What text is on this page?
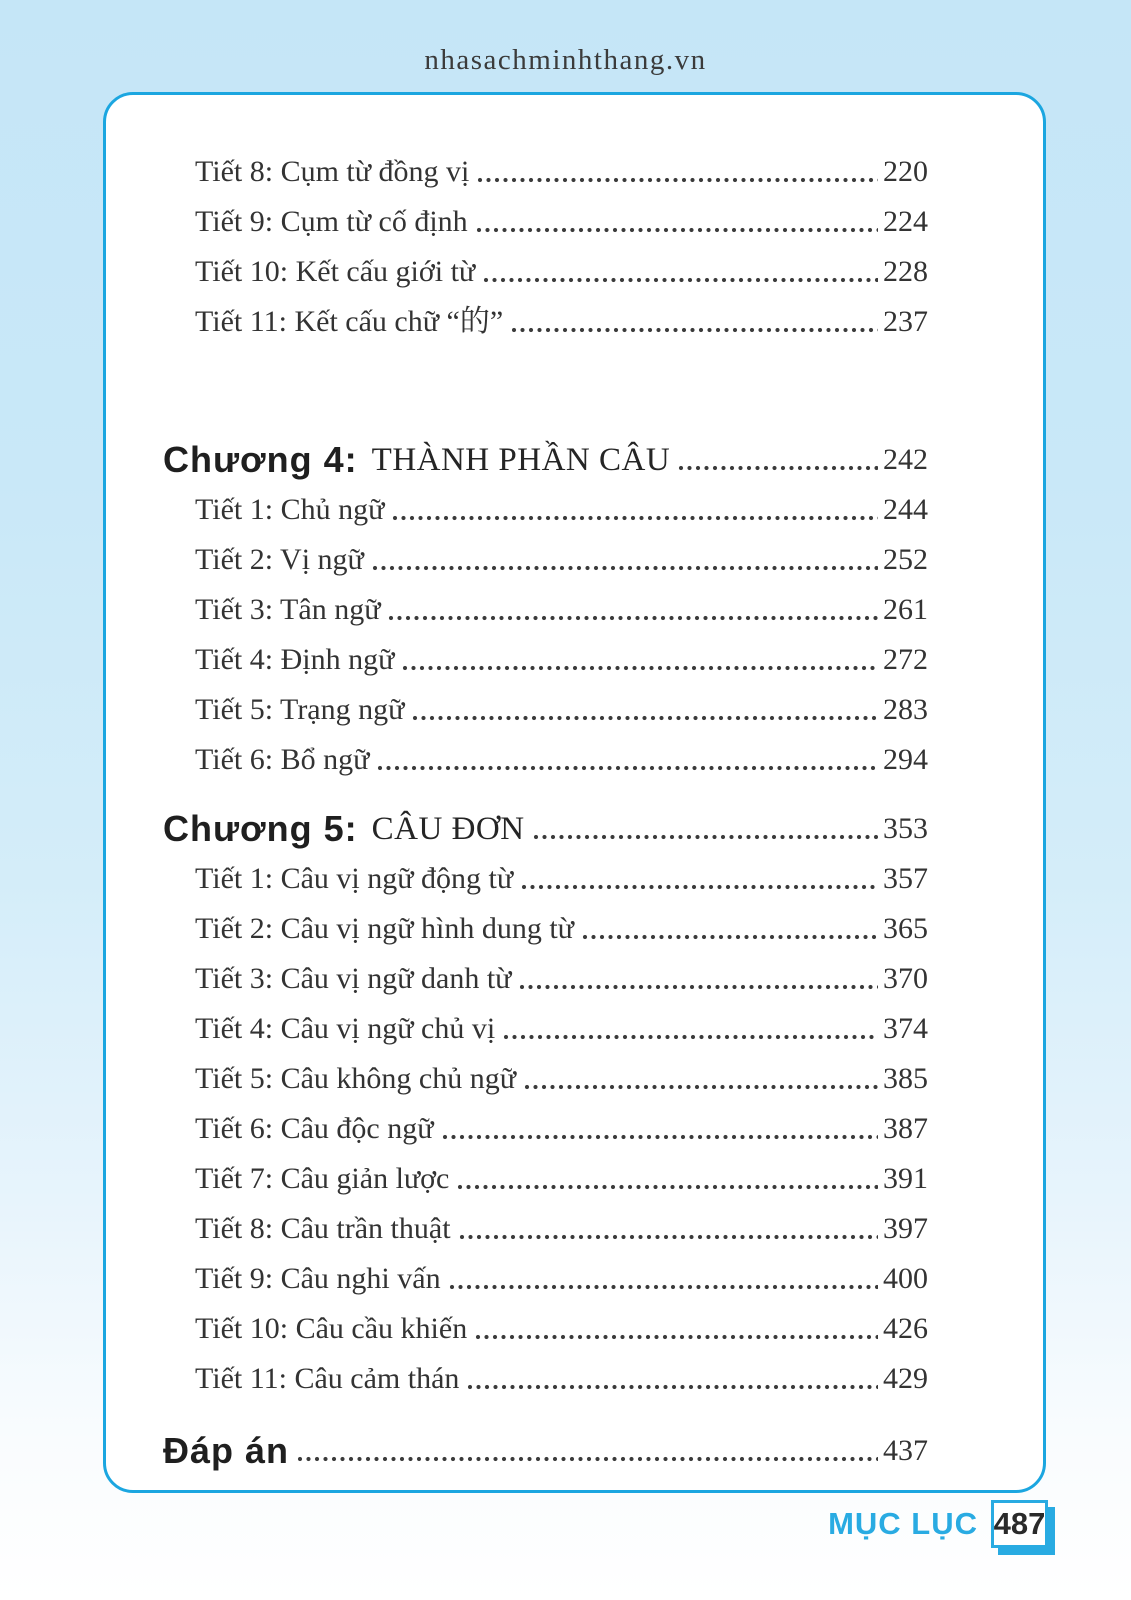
nhasachminhthang.vn
Tiết 8: Cụm từ đồng vị	220
Tiết 9: Cụm từ cố định	224
Tiết 10: Kết cấu giới từ	228
Tiết 11: Kết cấu chữ “的”	237
Chương 4: THÀNH PHẦN CÂU	242
Tiết 1: Chủ ngữ	244
Tiết 2: Vị ngữ	252
Tiết 3: Tân ngữ	261
Tiết 4: Định ngữ	272
Tiết 5: Trạng ngữ	283
Tiết 6: Bổ ngữ	294
Chương 5: CÂU ĐƠN	353
Tiết 1: Câu vị ngữ động từ	357
Tiết 2: Câu vị ngữ hình dung từ	365
Tiết 3: Câu vị ngữ danh từ	370
Tiết 4: Câu vị ngữ chủ vị	374
Tiết 5: Câu không chủ ngữ	385
Tiết 6: Câu độc ngữ	387
Tiết 7: Câu giản lược	391
Tiết 8: Câu trần thuật	397
Tiết 9: Câu nghi vấn	400
Tiết 10: Câu cầu khiến	426
Tiết 11: Câu cảm thán	429
Đáp án	437
MỤC LỤC 487
